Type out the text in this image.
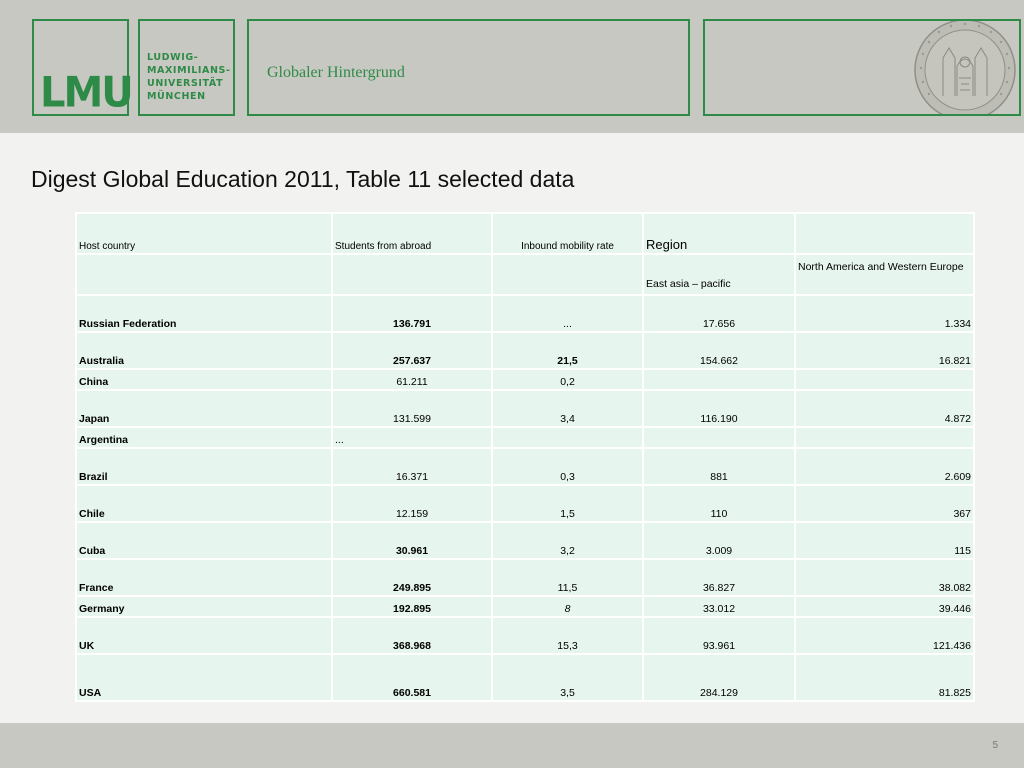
LMU
LUDWIG-
MAXIMILIANS-
UNIVERSITÄT
MÜNCHEN
Globaler Hintergrund
Digest Global Education 2011, Table 11 selected data
Host country	Students from abroad	Inbound mobility rate	Region	
			East asia – pacific	North America and Western Europe
Russian Federation	136.791	...	17.656	1.334
Australia	257.637	21,5	154.662	16.821
China	61.211	0,2		
Japan	131.599	3,4	116.190	4.872
Argentina	...			
Brazil	16.371	0,3	881	2.609
Chile	12.159	1,5	110	367
Cuba	30.961	3,2	3.009	115
France	249.895	11,5	36.827	38.082
Germany	192.895	8	33.012	39.446
UK	368.968	15,3	93.961	121.436
USA	660.581	3,5	284.129	81.825
5
